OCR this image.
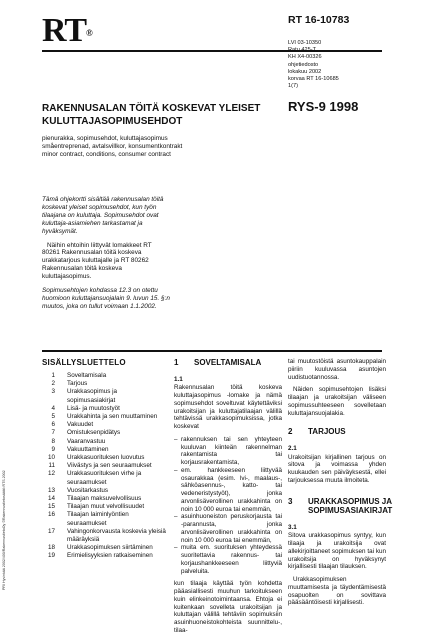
RT®
RT 16-10783
LVI 03-10350
Ratu 425-T
KH X4-00326
ohjetiedosto
lokakuu 2002
korvaa RT 16-10685
1(7)
RAKENNUSALAN TÖITÄ KOSKEVAT YLEISET KULUTTAJASOPIMUSEHDOT
RYS-9 1998
pienurakka, sopimusehdot, kuluttajasopimus
småentreprenad, avtalsvillkor, konsumentkontrakt
minor contract, conditions, consumer contract

Tämä ohjekortti sisältää rakennusalan töitä koskevat yleiset sopimusehdot, kun työn tilaajana on kuluttaja. Sopimusehdot ovat kuluttaja-asiamiehen tarkastamat ja hyväksymät.

Näihin ehtoihin liittyvät lomakkeet RT 80261 Rakennusalan töitä koskeva urakkatarjous kuluttajalle ja RT 80262 Rakennusalan töitä koskeva kuluttajasopimus.

Sopimusehtojen kohdassa 12.3 on otettu huomioon kuluttajansuojalain 9. luvun 15. §:n muutos, joka on tullut voimaan 1.1.2002.

SISÄLLYSLUETTELO
1	Soveltamisala
2	Tarjous
3	Urakkasopimus ja sopimusasiakirjat
4	Lisä- ja muutostyöt
5	Urakkahinta ja sen muuttaminen
6	Vakuudet
7	Omistuksenpidätys
8	Vaaranvastuu
9	Vakuuttaminen
10	Urakkasuorituksen luovutus
11	Viivästys ja sen seuraamukset
12	Urakkasuorituksen virhe ja seuraamukset
13	Vuositarkastus
14	Tilaajan maksuvelvollisuus
15	Tilaajan muut velvollisuudet
16	Tilaajan laiminlyöntien seuraamukset
17	Vahingonkorvausta koskevia yleisiä määräyksiä
18	Urakkasopimuksen siirtäminen
19	Erimielisyyksien ratkaiseminen
1	SOVELTAMISALA
1.1

Rakennusalan töitä koskeva kuluttajasopimus -lomake ja nämä sopimusehdot soveltuvat käytettäviksi urakoitsijan ja kuluttajatilaajan välillä tehtävissä urakkasopimuksissa, jotka koskevat

– rakennuksen tai sen yhteyteen kuuluvan kiinteän rakennelman rakentamista tai korjausrakentamista,
– em. hankkeeseen liittyvää osaurakkaa (esim. lvi-, maalaus-, sähköasennus-, katto- tai vedeneristystyöt), jonka arvonlisäverollinen urakkahinta on noin 10 000 euroa tai enemmän,
– asuinhuoneiston peruskorjausta tai -parannusta, jonka arvonlisäverollinen urakkahinta on noin 10 000 euroa tai enemmän,
– muita em. suorituksen yhteydessä suoritettavia rakennus- tai korjaushankkeeseen liittyviä palveluita.

kun tilaaja käyttää työn kohdetta pääasiallisesti muuhun tarkoitukseen kuin elinkeinotoimintaansa. Ehtoja ei kuitenkaan sovelleta urakoitsijan ja kuluttajan välillä tehtäviin sopimuksiin asuinhuoneistokohteista suunnittelu-, tilaa-

tai muutostöistä asuntokauppalain piiriin kuuluvassa asuntojen uudistuotannossa.

Näiden sopimusehtojen lisäksi tilaajan ja urakoitsijan väliseen sopimussuhteeseen sovelletaan kuluttajansuojalakia.

2	TARJOUS
2.1

Urakoitsijan kirjallinen tarjous on sitova ja voimassa yhden kuukauden sen päiväyksestä, ellei tarjouksessa muuta ilmoiteta.

3	URAKKASOPIMUS JA SOPIMUSASIAKIRJAT
3.1

Sitova urakkasopimus syntyy, kun tilaaja ja urakoitsija ovat allekirjoittaneet sopimuksen tai kun urakoitsija on hyväksynyt kirjallisesti tilaajan tilauksen.

Urakkasopimuksen muuttamisesta ja täydentämisestä osapuolten on sovittava pääsääntöisesti kirjallisesti.

PRI Hyvinkää 2002/400/RakennustietoOy ©Rakennustietosäätiö RTS 2002
